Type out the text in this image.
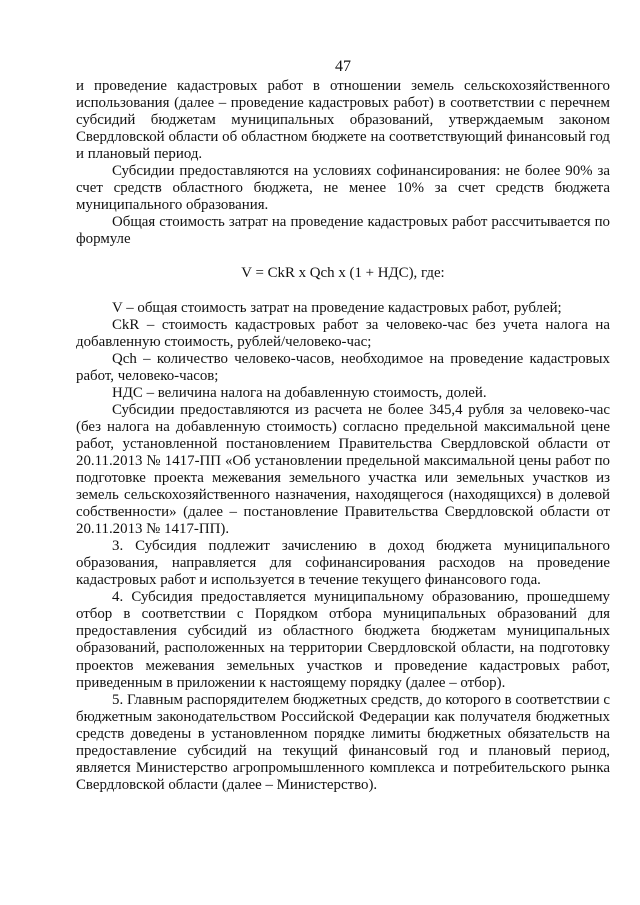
47

и проведение кадастровых работ в отношении земель сельскохозяйственного использования (далее – проведение кадастровых работ) в соответствии с перечнем субсидий бюджетам муниципальных образований, утверждаемым законом Свердловской области об областном бюджете на соответствующий финансовый год и плановый период.

Субсидии предоставляются на условиях софинансирования: не более 90% за счет средств областного бюджета, не менее 10% за счет средств бюджета муниципального образования.

Общая стоимость затрат на проведение кадастровых работ рассчитывается по формуле

V = CkR x Qch x (1 + НДС), где:

V – общая стоимость затрат на проведение кадастровых работ, рублей;

CkR – стоимость кадастровых работ за человеко-час без учета налога на добавленную стоимость, рублей/человеко-час;

Qch – количество человеко-часов, необходимое на проведение кадастровых работ, человеко-часов;

НДС – величина налога на добавленную стоимость, долей.

Субсидии предоставляются из расчета не более 345,4 рубля за человеко-час (без налога на добавленную стоимость) согласно предельной максимальной цене работ, установленной постановлением Правительства Свердловской области от 20.11.2013 № 1417-ПП «Об установлении предельной максимальной цены работ по подготовке проекта межевания земельного участка или земельных участков из земель сельскохозяйственного назначения, находящегося (находящихся) в долевой собственности» (далее – постановление Правительства Свердловской области от 20.11.2013 № 1417-ПП).

3. Субсидия подлежит зачислению в доход бюджета муниципального образования, направляется для софинансирования расходов на проведение кадастровых работ и используется в течение текущего финансового года.

4. Субсидия предоставляется муниципальному образованию, прошедшему отбор в соответствии с Порядком отбора муниципальных образований для предоставления субсидий из областного бюджета бюджетам муниципальных образований, расположенных на территории Свердловской области, на подготовку проектов межевания земельных участков и проведение кадастровых работ, приведенным в приложении к настоящему порядку (далее – отбор).

5. Главным распорядителем бюджетных средств, до которого в соответствии с бюджетным законодательством Российской Федерации как получателя бюджетных средств доведены в установленном порядке лимиты бюджетных обязательств на предоставление субсидий на текущий финансовый год и плановый период, является Министерство агропромышленного комплекса и потребительского рынка Свердловской области (далее – Министерство).
